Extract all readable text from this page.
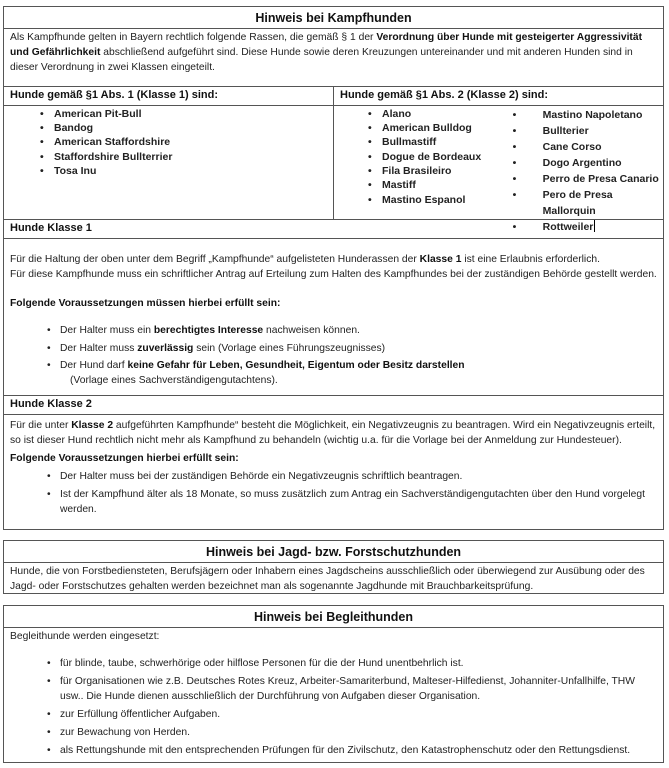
Hinweis bei Kampfhunden
Als Kampfhunde gelten in Bayern rechtlich folgende Rassen, die gemäß § 1 der Verordnung über Hunde mit gesteigerter Aggressivität und Gefährlichkeit abschließend aufgeführt sind. Diese Hunde sowie deren Kreuzungen untereinander und mit anderen Hunden sind in dieser Verordnung in zwei Klassen eingeteilt.
Hunde gemäß §1 Abs. 1 (Klasse 1) sind:
• American Pit-Bull
• Bandog
• American Staffordshire
• Staffordshire Bullterrier
• Tosa Inu
Hunde gemäß §1 Abs. 2 (Klasse 2) sind:
• Alano
• American Bulldog
• Bullmastiff
• Dogue de Bordeaux
• Fila Brasileiro
• Mastiff
• Mastino Espanol
• Mastino Napoletano
• Bullterier
• Cane Corso
• Dogo Argentino
• Perro de Presa Canario
• Pero de Presa Mallorquin
• Rottweiler
Hunde Klasse 1
Für die Haltung der oben unter dem Begriff „Kampfhunde“ aufgelisteten Hunderassen der Klasse 1 ist eine Erlaubnis erforderlich.
Für diese Kampfhunde muss ein schriftlicher Antrag auf Erteilung zum Halten des Kampfhundes bei der zuständigen Behörde gestellt werden.
Folgende Voraussetzungen müssen hierbei erfüllt sein:
• Der Halter muss ein berechtigtes Interesse nachweisen können.
• Der Halter muss zuverlässig sein (Vorlage eines Führungszeugnisses)
• Der Hund darf keine Gefahr für Leben, Gesundheit, Eigentum oder Besitz darstellen
(Vorlage eines Sachverständigengutachtens).
Hunde Klasse 2
Für die unter Klasse 2 aufgeführten Kampfhunde“ besteht die Möglichkeit, ein Negativzeugnis zu beantragen. Wird ein Negativzeugnis erteilt, so ist dieser Hund rechtlich nicht mehr als Kampfhund zu behandeln (wichtig u.a. für die Vorlage bei der Anmeldung zur Hundesteuer).
Folgende Voraussetzungen hierbei erfüllt sein:
• Der Halter muss bei der zuständigen Behörde ein Negativzeugnis schriftlich beantragen.
• Ist der Kampfhund älter als 18 Monate, so muss zusätzlich zum Antrag ein Sachverständigengutachten über den Hund vorgelegt werden.
Hinweis bei Jagd- bzw. Forstschutzhunden
Hunde, die von Forstbediensteten, Berufsjägern oder Inhabern eines Jagdscheins ausschließlich oder überwiegend zur Ausübung oder des Jagd- oder Forstschutzes gehalten werden bezeichnet man als sogenannte Jagdhunde mit Brauchbarkeitsprüfung.
Hinweis bei Begleithunden
Begleithunde werden eingesetzt:
• für blinde, taube, schwerhörige oder hilflose Personen für die der Hund unentbehrlich ist.
• für Organisationen wie z.B. Deutsches Rotes Kreuz, Arbeiter-Samariterbund, Malteser-Hilfedienst, Johanniter-Unfallhilfe, THW usw.. Die Hunde dienen ausschließlich der Durchführung von Aufgaben dieser Organisation.
• zur Erfüllung öffentlicher Aufgaben.
• zur Bewachung von Herden.
• als Rettungshunde mit den entsprechenden Prüfungen für den Zivilschutz, den Katastrophenschutz oder den Rettungsdienst.
